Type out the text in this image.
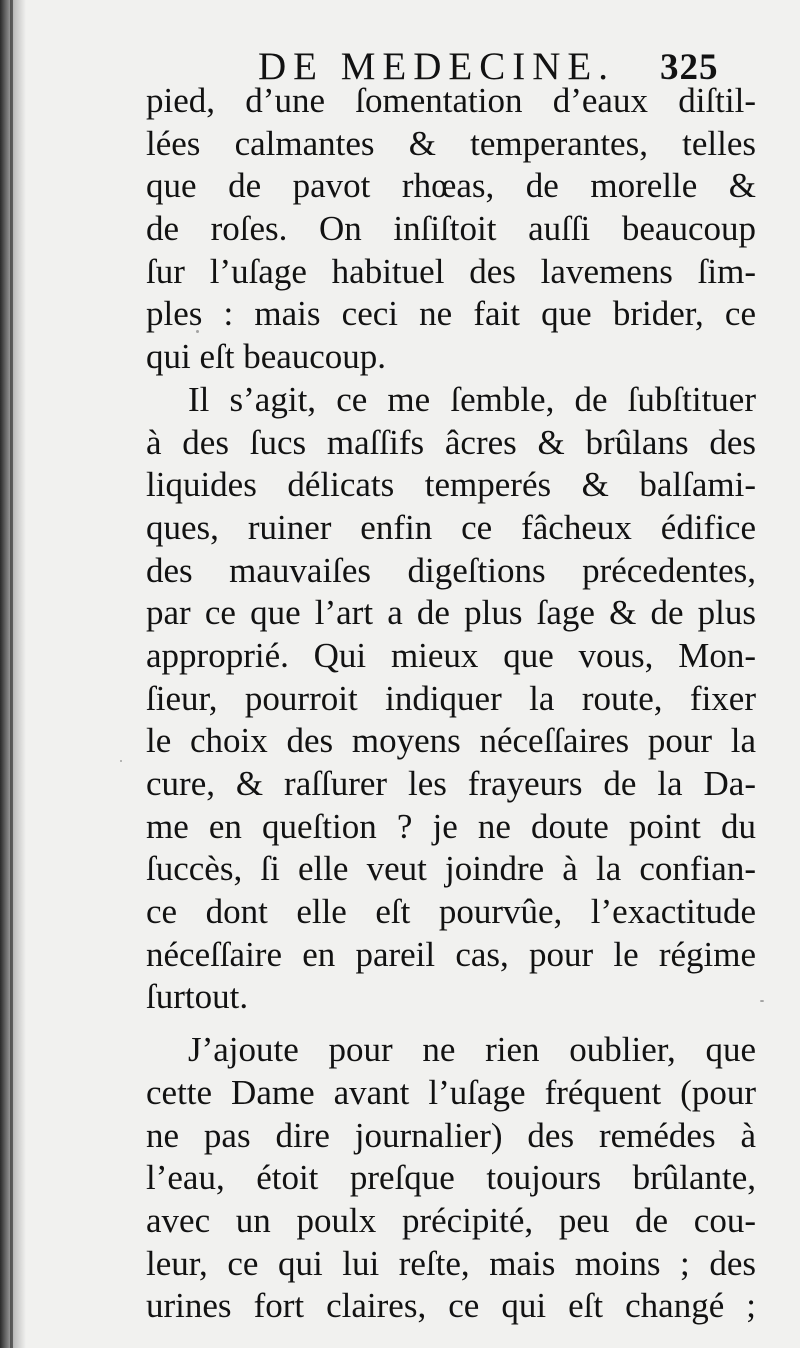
DE MEDECINE. 325
pied, d’une ſomentation d’eaux diſtil-
lées calmantes & temperantes, telles
que de pavot rhœas, de morelle &
de roſes. On inſiſtoit auſſi beaucoup
ſur l’uſage habituel des lavemens ſim-
ples : mais ceci ne fait que brider, ce
qui eſt beaucoup.
Il s’agit, ce me ſemble, de ſubſtituer
à des ſucs maſſifs âcres & brûlans des
liquides délicats temperés & balſami-
ques, ruiner enfin ce fâcheux édifice
des mauvaiſes digeſtions précedentes,
par ce que l’art a de plus ſage & de plus
approprié. Qui mieux que vous, Mon-
ſieur, pourroit indiquer la route, fixer
le choix des moyens néceſſaires pour la
cure, & raſſurer les frayeurs de la Da-
me en queſtion ? je ne doute point du
ſuccès, ſi elle veut joindre à la confian-
ce dont elle eſt pourvûe, l’exactitude
néceſſaire en pareil cas, pour le régime
ſurtout.
J’ajoute pour ne rien oublier, que
cette Dame avant l’uſage fréquent (pour
ne pas dire journalier) des remédes à
l’eau, étoit preſque toujours brûlante,
avec un poulx précipité, peu de cou-
leur, ce qui lui reſte, mais moins ; des
urines fort claires, ce qui eſt changé ;
